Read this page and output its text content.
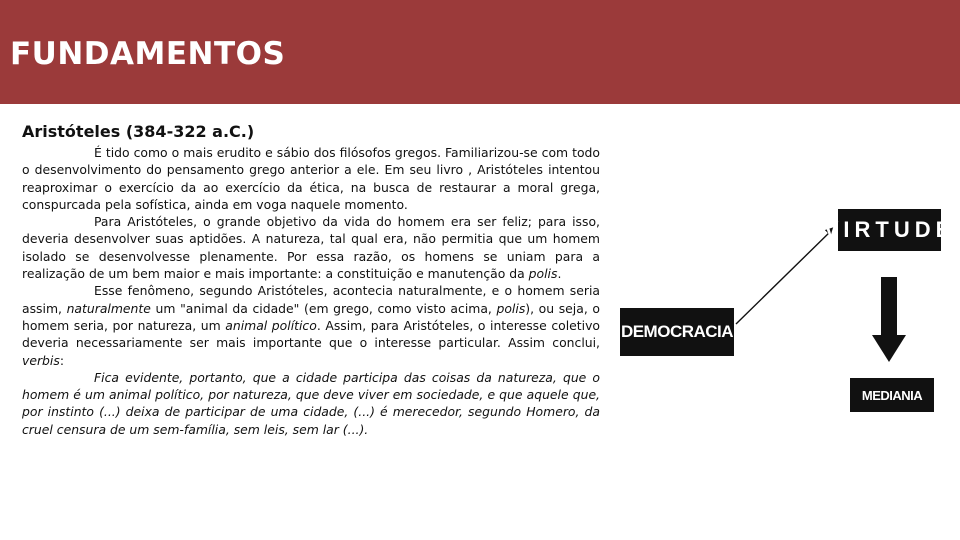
FUNDAMENTOS
Aristóteles (384-322 a.C.)

É tido como o mais erudito e sábio dos filósofos gregos. Familiarizou-se com todo o desenvolvimento do pensamento grego anterior a ele. Em seu livro , Aristóteles intentou reaproximar o exercício da ao exercício da ética, na busca de restaurar a moral grega, conspurcada pela sofística, ainda em voga naquele momento.

Para Aristóteles, o grande objetivo da vida do homem era ser feliz; para isso, deveria desenvolver suas aptidões. A natureza, tal qual era, não permitia que um homem isolado se desenvolvesse plenamente. Por essa razão, os homens se uniam para a realização de um bem maior e mais importante: a constituição e manutenção da polis.

Esse fenômeno, segundo Aristóteles, acontecia naturalmente, e o homem seria assim, naturalmente um "animal da cidade" (em grego, como visto acima, polis), ou seja, o homem seria, por natureza, um animal político. Assim, para Aristóteles, o interesse coletivo deveria necessariamente ser mais importante que o interesse particular. Assim conclui, verbis:

Fica evidente, portanto, que a cidade participa das coisas da natureza, que o homem é um animal político, por natureza, que deve viver em sociedade, e que aquele que, por instinto (...) deixa de participar de uma cidade, (...) é merecedor, segundo Homero, da cruel censura de um sem-família, sem leis, sem lar (...).

VIRTUDE
DEMOCRACIA
MEDIANIA
